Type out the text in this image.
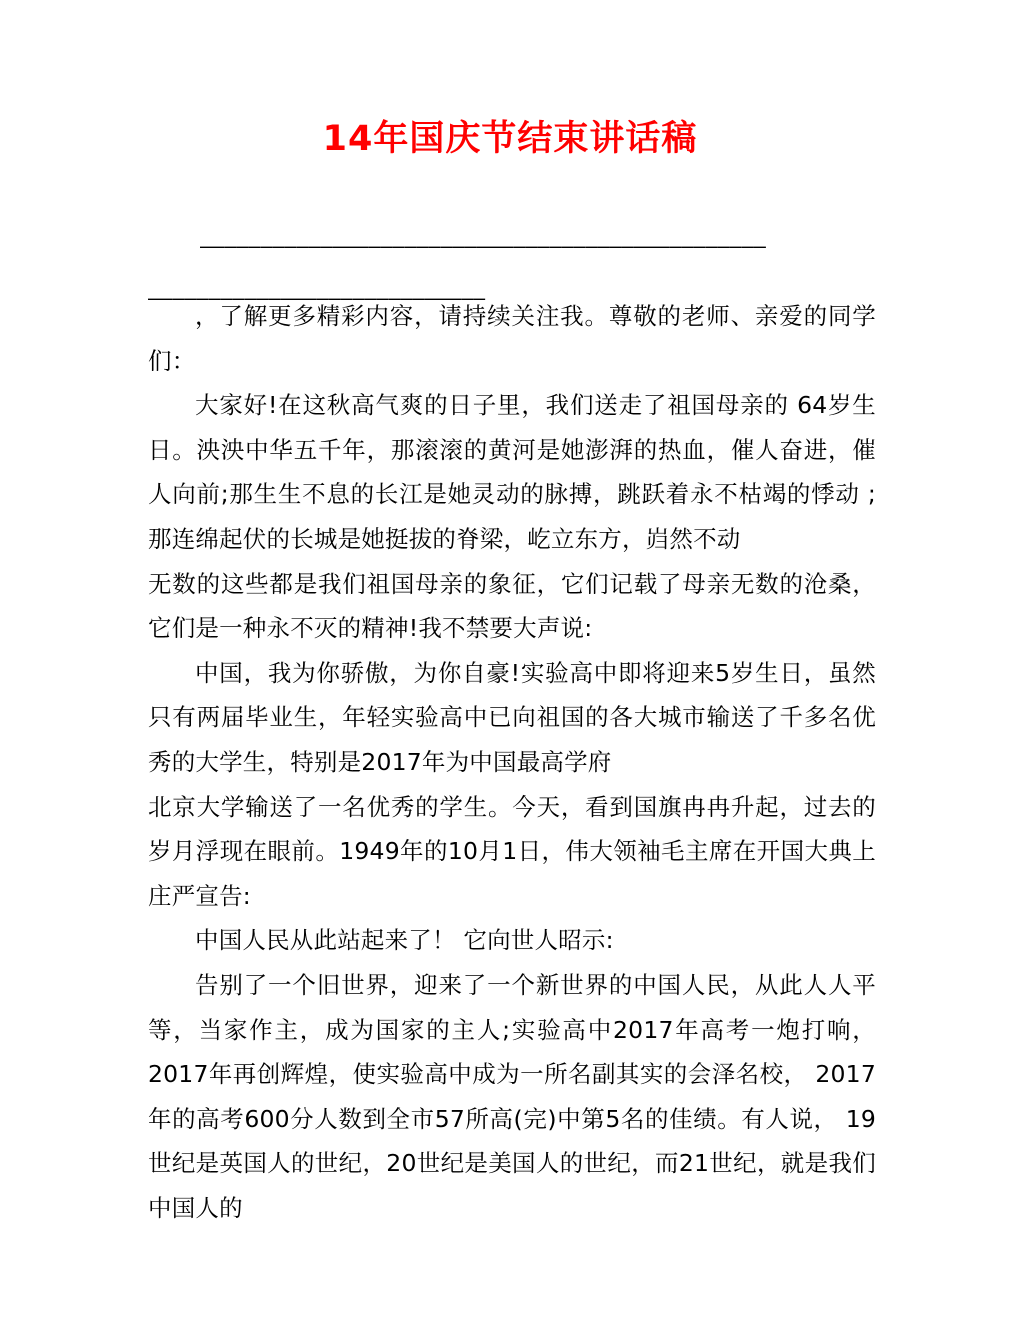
14年国庆节结束讲话稿
———————————————————————————————————————————————
————————————————————————————

，了解更多精彩内容，请持续关注我。尊敬的老师、亲爱的同学们：

大家好!在这秋高气爽的日子里，我们送走了祖国母亲的 64岁生日。泱泱中华五千年，那滚滚的黄河是她澎湃的热血，催人奋进，催人向前;那生生不息的长江是她灵动的脉搏，跳跃着永不枯竭的悸动 ;那连绵起伏的长城是她挺拔的脊梁，屹立东方，岿然不动

无数的这些都是我们祖国母亲的象征，它们记载了母亲无数的沧桑，它们是一种永不灭的精神!我不禁要大声说:

中国，我为你骄傲，为你自豪!实验高中即将迎来5岁生日，虽然只有两届毕业生，年轻实验高中已向祖国的各大城市输送了千多名优秀的大学生，特别是2017年为中国最高学府

北京大学输送了一名优秀的学生。今天，看到国旗冉冉升起，过去的岁月浮现在眼前。1949年的10月1日，伟大领袖毛主席在开国大典上庄严宣告:

中国人民从此站起来了！ 它向世人昭示:

告别了一个旧世界，迎来了一个新世界的中国人民，从此人人平等，当家作主，成为国家的主人;实验高中2017年高考一炮打响，2017年再创辉煌，使实验高中成为一所名副其实的会泽名校， 2017年的高考600分人数到全市57所高(完)中第5名的佳绩。有人说， 19世纪是英国人的世纪，20世纪是美国人的世纪，而21世纪，就是我们中国人的
